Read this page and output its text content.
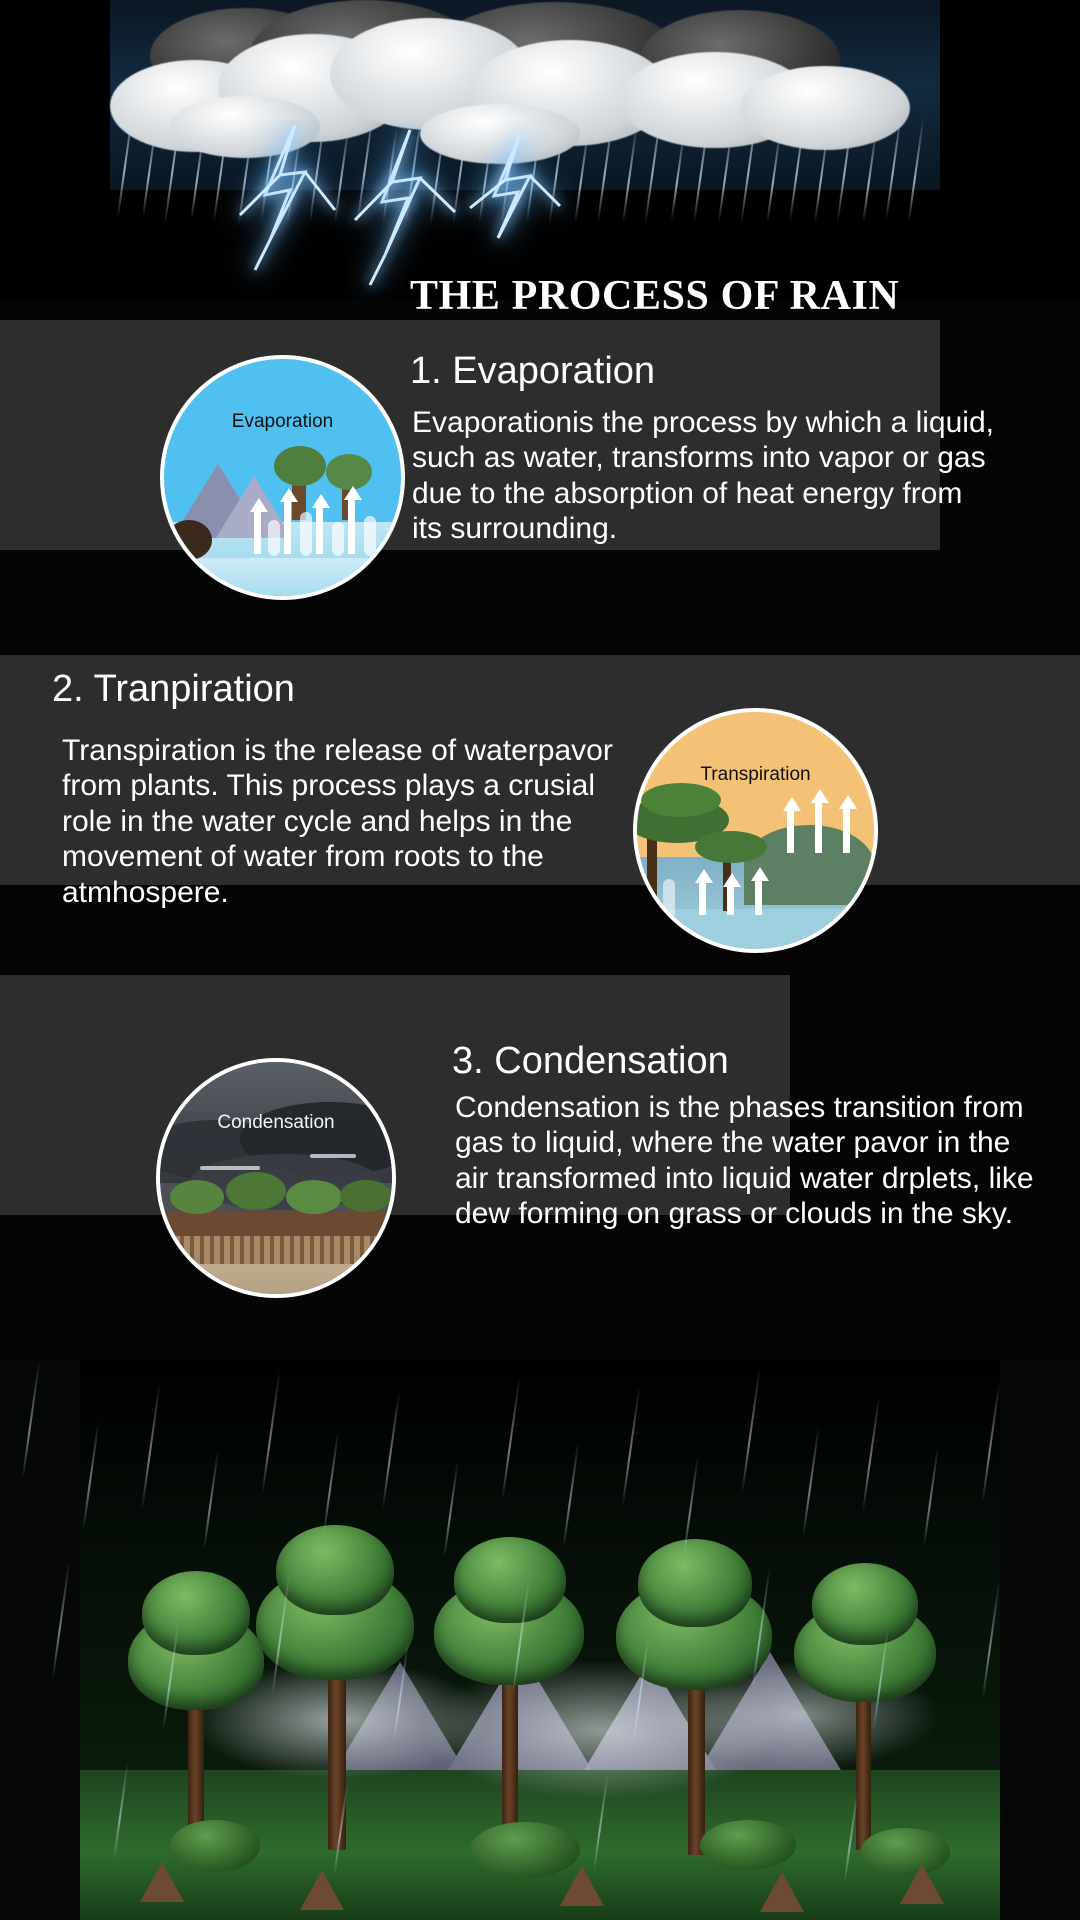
THE PROCESS OF RAIN
Evaporation
1. Evaporation
Evaporationis the process by which a liquid, such as water, transforms into vapor or gas due to the absorption of heat energy from its surrounding.
Transpiration
2. Tranpiration
Transpiration is the release of waterpavor from plants. This process plays a crusial role in the water cycle and helps in the movement of water from roots to the atmhospere.
Condensation
3. Condensation
Condensation is the phases transition from gas to liquid, where the water pavor in the air transformed into liquid water drplets, like dew forming on grass or clouds in the sky.
